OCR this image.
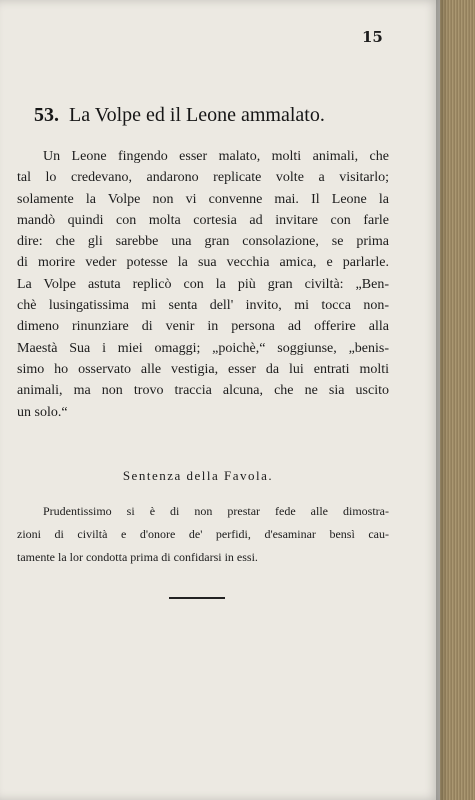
15
53. La Volpe ed il Leone ammalato.
Un Leone fingendo esser malato, molti animali, che
tal lo credevano, andarono replicate volte a visitarlo;
solamente la Volpe non vi convenne mai. Il Leone la
mandò quindi con molta cortesia ad invitare con farle
dire: che gli sarebbe una gran consolazione, se prima
di morire veder potesse la sua vecchia amica, e parlarle.
La Volpe astuta replicò con la più gran civiltà: „Ben-
chè lusingatissima mi senta dell' invito, mi tocca non-
dimeno rinunziare di venir in persona ad offerire alla
Maestà Sua i miei omaggi; „poichè,“ soggiunse, „benis-
simo ho osservato alle vestigia, esser da lui entrati molti
animali, ma non trovo traccia alcuna, che ne sia uscito
un solo.“
Sentenza della Favola.
Prudentissimo si è di non prestar fede alle dimostra-
zioni di civiltà e d'onore de' perfidi, d'esaminar bensì cau-
tamente la lor condotta prima di confidarsi in essi.
